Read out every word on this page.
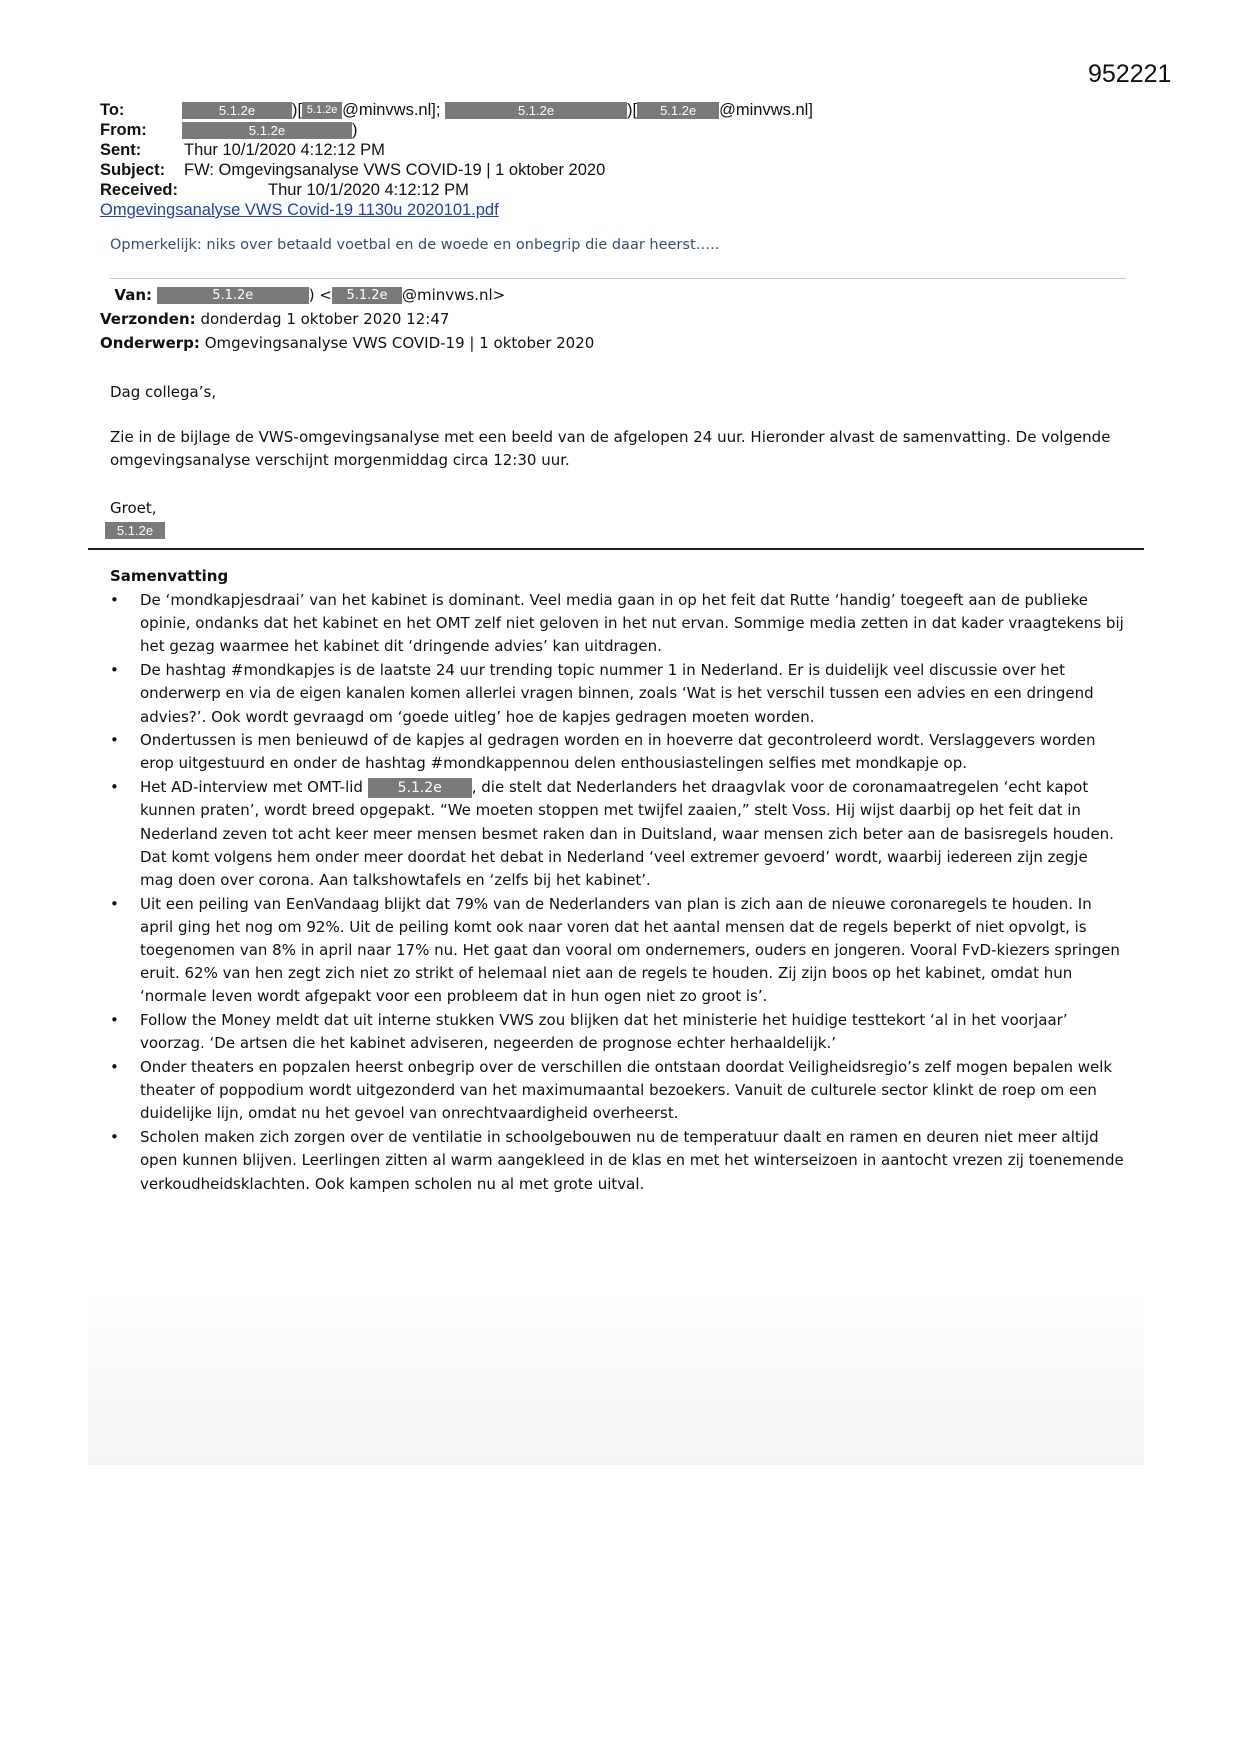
952221
To:	5.1.2e )[ 5.1.2e @minvws.nl];	5.1.2e	)[ 5.1.2e @minvws.nl]
From:	5.1.2e	)
Sent:	Thur 10/1/2020 4:12:12 PM
Subject: FW: Omgevingsanalyse VWS COVID-19 | 1 oktober 2020
Received:	Thur 10/1/2020 4:12:12 PM
Omgevingsanalyse VWS Covid-19 1130u 2020101.pdf
Opmerkelijk: niks over betaald voetbal en de woede en onbegrip die daar heerst…..
Van:	5.1.2e	) < 5.1.2e @minvws.nl>
Verzonden: donderdag 1 oktober 2020 12:47
Onderwerp: Omgevingsanalyse VWS COVID-19 | 1 oktober 2020
Dag collega’s,
Zie in de bijlage de VWS-omgevingsanalyse met een beeld van de afgelopen 24 uur. Hieronder alvast de samenvatting. De volgende omgevingsanalyse verschijnt morgenmiddag circa 12:30 uur.
Groet,
5.1.2e
Samenvatting
• De ‘mondkapjesdraai’ van het kabinet is dominant. Veel media gaan in op het feit dat Rutte ‘handig’ toegeeft aan de publieke opinie, ondanks dat het kabinet en het OMT zelf niet geloven in het nut ervan. Sommige media zetten in dat kader vraagtekens bij het gezag waarmee het kabinet dit ‘dringende advies’ kan uitdragen.
• De hashtag #mondkapjes is de laatste 24 uur trending topic nummer 1 in Nederland. Er is duidelijk veel discussie over het onderwerp en via de eigen kanalen komen allerlei vragen binnen, zoals ‘Wat is het verschil tussen een advies en een dringend advies?’. Ook wordt gevraagd om ‘goede uitleg’ hoe de kapjes gedragen moeten worden.
• Ondertussen is men benieuwd of de kapjes al gedragen worden en in hoeverre dat gecontroleerd wordt. Verslaggevers worden erop uitgestuurd en onder de hashtag #mondkappennou delen enthousiastelingen selfies met mondkapje op.
• Het AD-interview met OMT-lid 5.1.2e , die stelt dat Nederlanders het draagvlak voor de coronamaatregelen ‘echt kapot kunnen praten’, wordt breed opgepakt. “We moeten stoppen met twijfel zaaien,” stelt Voss. Hij wijst daarbij op het feit dat in Nederland zeven tot acht keer meer mensen besmet raken dan in Duitsland, waar mensen zich beter aan de basisregels houden. Dat komt volgens hem onder meer doordat het debat in Nederland ‘veel extremer gevoerd’ wordt, waarbij iedereen zijn zegje mag doen over corona. Aan talkshowtafels en ‘zelfs bij het kabinet’.
• Uit een peiling van EenVandaag blijkt dat 79% van de Nederlanders van plan is zich aan de nieuwe coronaregels te houden. In april ging het nog om 92%. Uit de peiling komt ook naar voren dat het aantal mensen dat de regels beperkt of niet opvolgt, is toegenomen van 8% in april naar 17% nu. Het gaat dan vooral om ondernemers, ouders en jongeren. Vooral FvD-kiezers springen eruit. 62% van hen zegt zich niet zo strikt of helemaal niet aan de regels te houden. Zij zijn boos op het kabinet, omdat hun ‘normale leven wordt afgepakt voor een probleem dat in hun ogen niet zo groot is’.
• Follow the Money meldt dat uit interne stukken VWS zou blijken dat het ministerie het huidige testtekort ‘al in het voorjaar’ voorzag. ‘De artsen die het kabinet adviseren, negeerden de prognose echter herhaaldelijk.’
• Onder theaters en popzalen heerst onbegrip over de verschillen die ontstaan doordat Veiligheidsregio’s zelf mogen bepalen welk theater of poppodium wordt uitgezonderd van het maximumaantal bezoekers. Vanuit de culturele sector klinkt de roep om een duidelijke lijn, omdat nu het gevoel van onrechtvaardigheid overheerst.
• Scholen maken zich zorgen over de ventilatie in schoolgebouwen nu de temperatuur daalt en ramen en deuren niet meer altijd open kunnen blijven. Leerlingen zitten al warm aangekleed in de klas en met het winterseizoen in aantocht vrezen zij toenemende verkoudheidsklachten. Ook kampen scholen nu al met grote uitval.
